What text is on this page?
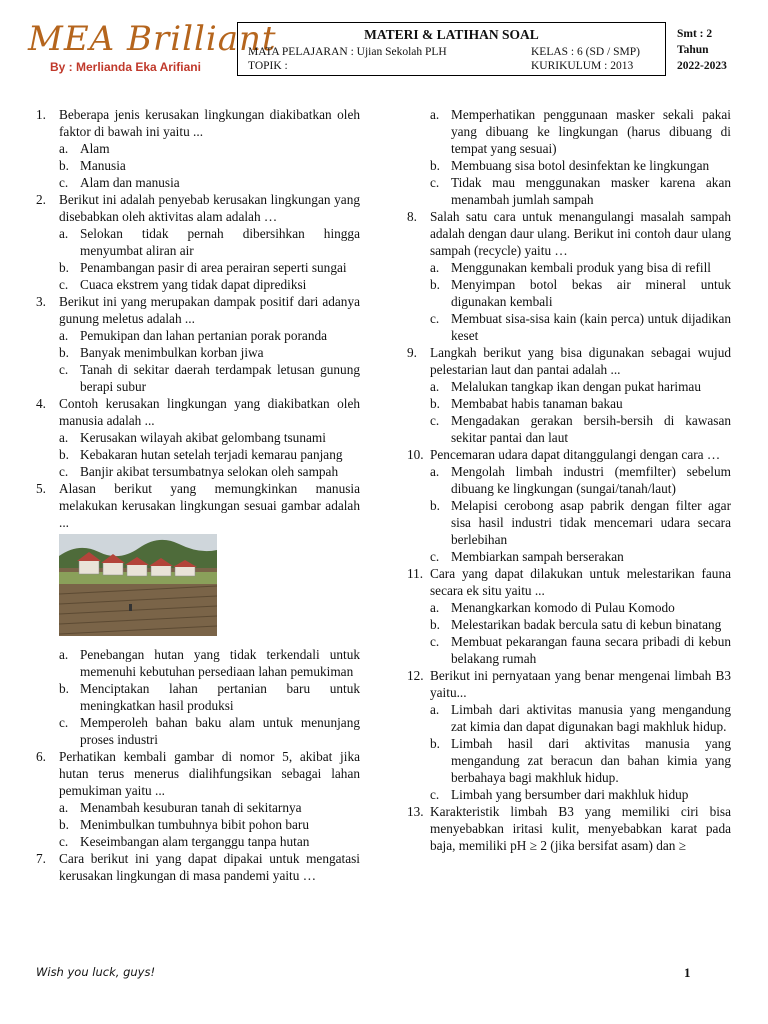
MEA Brilliant
By : Merlianda Eka Arifiani
MATERI & LATIHAN SOAL
MATA PELAJARAN : Ujian Sekolah PLH
TOPIK :
KELAS : 6 (SD / SMP)
KURIKULUM : 2013
Smt : 2
Tahun
2022-2023
1. Beberapa jenis kerusakan lingkungan diakibatkan oleh faktor di bawah ini yaitu ...
a. Alam
b. Manusia
c. Alam dan manusia
2. Berikut ini adalah penyebab kerusakan lingkungan yang disebabkan oleh aktivitas alam adalah …
a. Selokan tidak pernah dibersihkan hingga menyumbat aliran air
b. Penambangan pasir di area perairan seperti sungai
c. Cuaca ekstrem yang tidak dapat diprediksi
3. Berikut ini yang merupakan dampak positif dari adanya gunung meletus adalah ...
a. Pemukipan dan lahan pertanian porak poranda
b. Banyak menimbulkan korban jiwa
c. Tanah di sekitar daerah terdampak letusan gunung berapi subur
4. Contoh kerusakan lingkungan yang diakibatkan oleh manusia adalah ...
a. Kerusakan wilayah akibat gelombang tsunami
b. Kebakaran hutan setelah terjadi kemarau panjang
c. Banjir akibat tersumbatnya selokan oleh sampah
5. Alasan berikut yang memungkinkan manusia melakukan kerusakan lingkungan sesuai gambar adalah ...
a. Penebangan hutan yang tidak terkendali untuk memenuhi kebutuhan persediaan lahan pemukiman
b. Menciptakan lahan pertanian baru untuk meningkatkan hasil produksi
c. Memperoleh bahan baku alam untuk menunjang proses industri
6. Perhatikan kembali gambar di nomor 5, akibat jika hutan terus menerus dialihfungsikan sebagai lahan pemukiman yaitu ...
a. Menambah kesuburan tanah di sekitarnya
b. Menimbulkan tumbuhnya bibit pohon baru
c. Keseimbangan alam terganggu tanpa hutan
7. Cara berikut ini yang dapat dipakai untuk mengatasi kerusakan lingkungan di masa pandemi yaitu …
a. Memperhatikan penggunaan masker sekali pakai yang dibuang ke lingkungan (harus dibuang di tempat yang sesuai)
b. Membuang sisa botol desinfektan ke lingkungan
c. Tidak mau menggunakan masker karena akan menambah jumlah sampah
8. Salah satu cara untuk menangulangi masalah sampah adalah dengan daur ulang. Berikut ini contoh daur ulang sampah (recycle) yaitu …
a. Menggunakan kembali produk yang bisa di refill
b. Menyimpan botol bekas air mineral untuk digunakan kembali
c. Membuat sisa-sisa kain (kain perca) untuk dijadikan keset
9. Langkah berikut yang bisa digunakan sebagai wujud pelestarian laut dan pantai adalah ...
a. Melalukan tangkap ikan dengan pukat harimau
b. Membabat habis tanaman bakau
c. Mengadakan gerakan bersih-bersih di kawasan sekitar pantai dan laut
10. Pencemaran udara dapat ditanggulangi dengan cara …
a. Mengolah limbah industri (memfilter) sebelum dibuang ke lingkungan (sungai/tanah/laut)
b. Melapisi cerobong asap pabrik dengan filter agar sisa hasil industri tidak mencemari udara secara berlebihan
c. Membiarkan sampah berserakan
11. Cara yang dapat dilakukan untuk melestarikan fauna secara ek situ yaitu ...
a. Menangkarkan komodo di Pulau Komodo
b. Melestarikan badak bercula satu di kebun binatang
c. Membuat pekarangan fauna secara pribadi di kebun belakang rumah
12. Berikut ini pernyataan yang benar mengenai limbah B3 yaitu...
a. Limbah dari aktivitas manusia yang mengandung zat kimia dan dapat digunakan bagi makhluk hidup.
b. Limbah hasil dari aktivitas manusia yang mengandung zat beracun dan bahan kimia yang berbahaya bagi makhluk hidup.
c. Limbah yang bersumber dari makhluk hidup
13. Karakteristik limbah B3 yang memiliki ciri bisa menyebabkan iritasi kulit, menyebabkan karat pada baja, memiliki pH ≥ 2 (jika bersifat asam) dan ≥
Wish you luck, guys!	1
